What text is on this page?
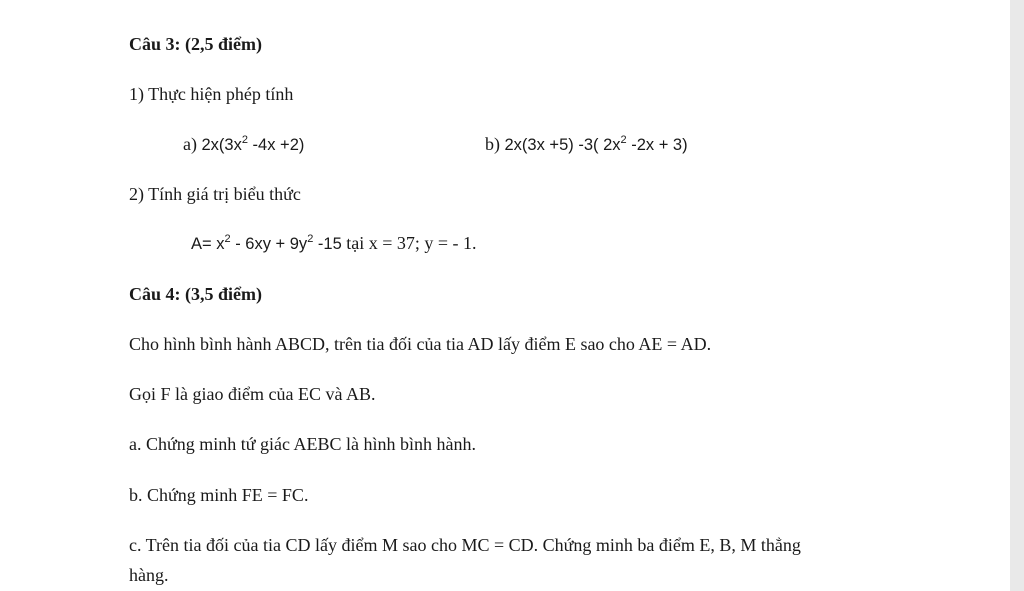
Câu 3: (2,5 điểm)
1) Thực hiện phép tính
a) $2x(3x^2$ -4x +2)	b) 2x(3x +5) -3( $2x^2$ -2x + 3)
2) Tính giá trị biểu thức
$A= x^2 - 6xy + 9y^2$ -15 tại x = 37; y = - 1.
Câu 4: (3,5 điểm)
Cho hình bình hành ABCD, trên tia đối của tia AD lấy điểm E sao cho AE = AD.
Gọi F là giao điểm của EC và AB.
a. Chứng minh tứ giác AEBC là hình bình hành.
b. Chứng minh FE = FC.
c. Trên tia đối của tia CD lấy điểm M sao cho MC = CD. Chứng minh ba điểm E, B, M thẳng
hàng.
